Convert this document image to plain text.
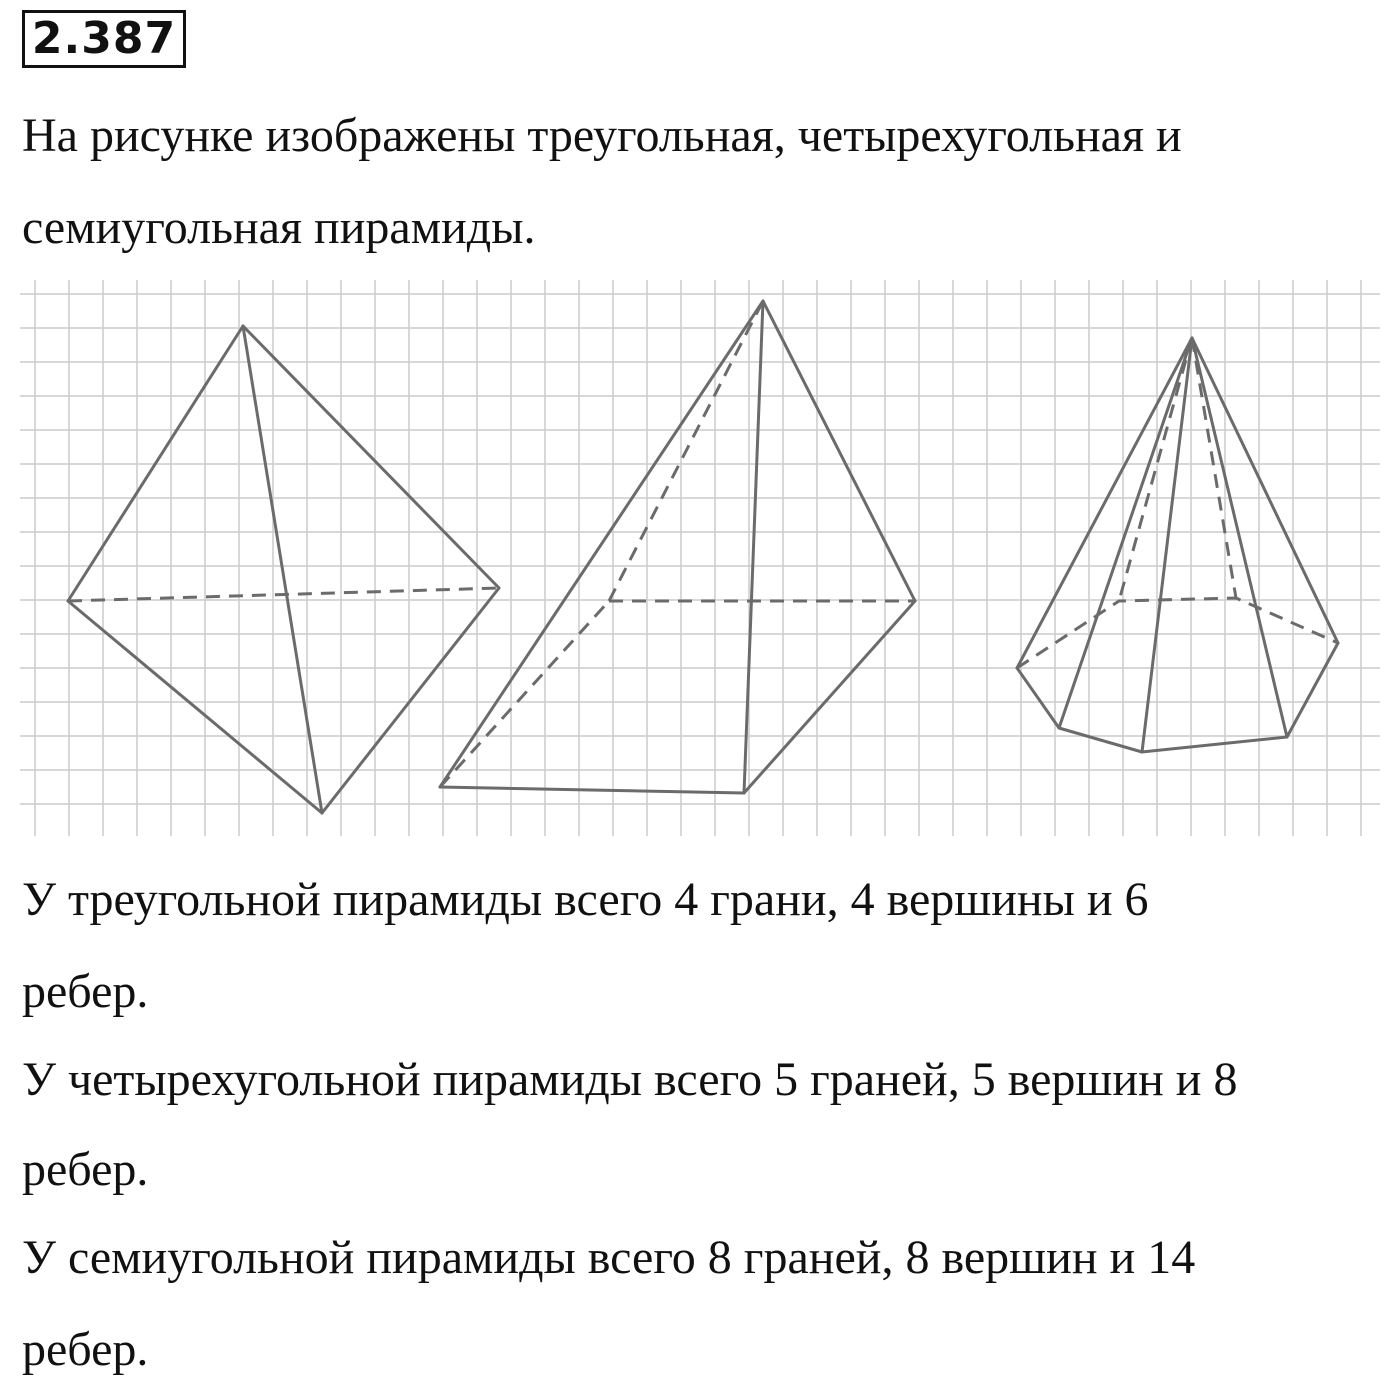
2.387
На рисунке изображены треугольная, четырехугольная и
семиугольная пирамиды.
У треугольной пирамиды всего 4 грани, 4 вершины и 6
ребер.
У четырехугольной пирамиды всего 5 граней, 5 вершин и 8
ребер.
У семиугольной пирамиды всего 8 граней, 8 вершин и 14
ребер.
